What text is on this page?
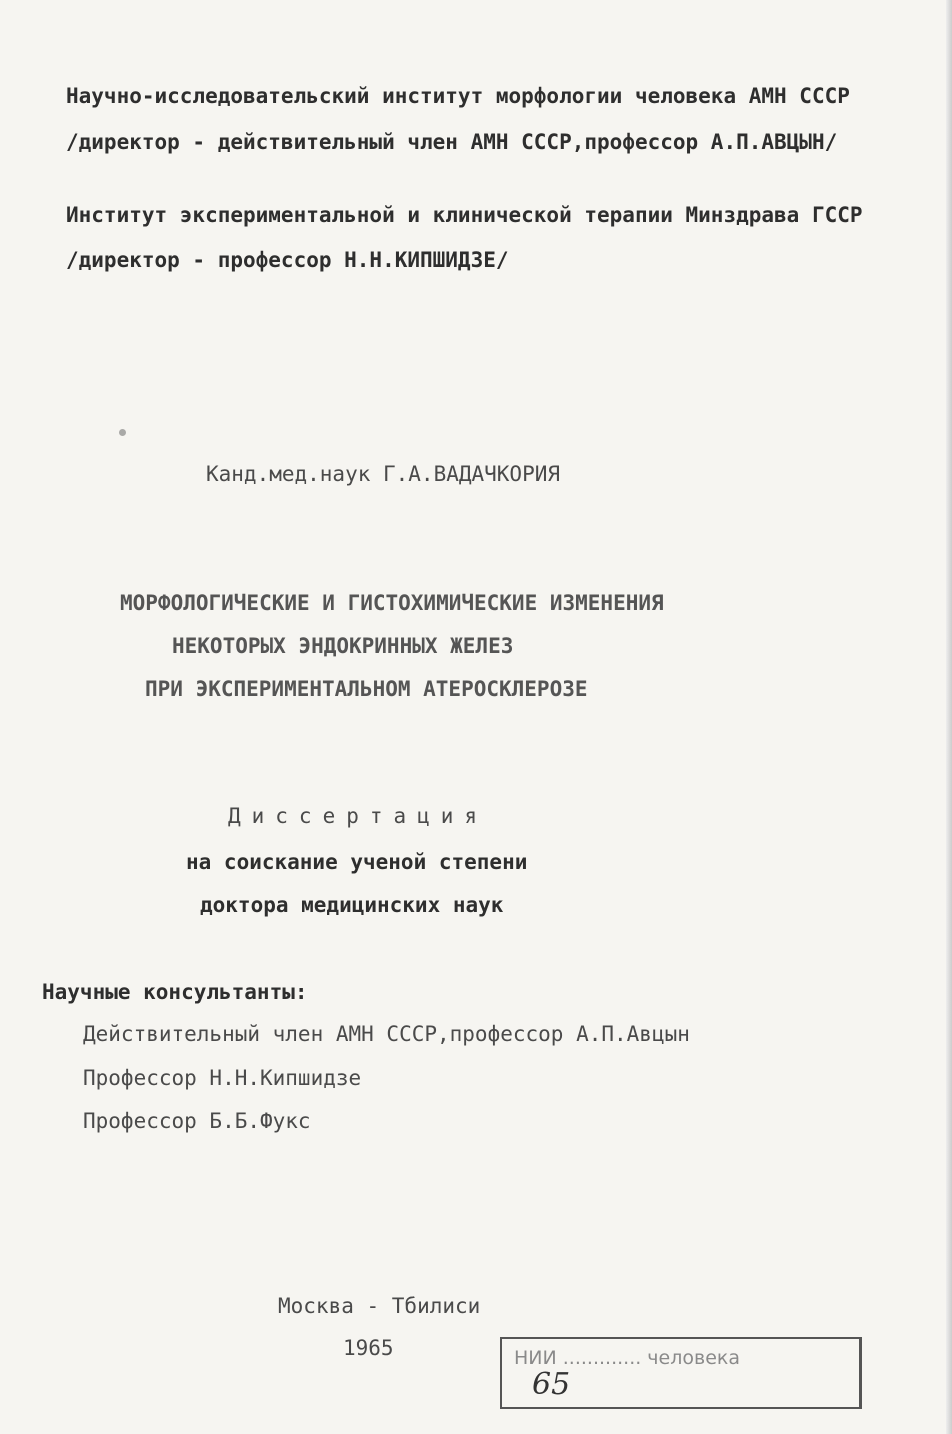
Научно-исследовательский институт морфологии человека АМН СССР
/директор - действительный член АМН СССР,профессор А.П.АВЦЫН/
Институт экспериментальной и клинической терапии Минздрава ГССР
/директор - профессор Н.Н.КИПШИДЗЕ/
Канд.мед.наук Г.А.ВАДАЧКОРИЯ
МОРФОЛОГИЧЕСКИЕ И ГИСТОХИМИЧЕСКИЕ ИЗМЕНЕНИЯ
НЕКОТОРЫХ ЭНДОКРИННЫХ ЖЕЛЕЗ
ПРИ ЭКСПЕРИМЕНТАЛЬНОМ АТЕРОСКЛЕРОЗЕ
Диссертация
на соискание ученой степени
доктора медицинских наук
Научные консультанты:
Действительный член АМН СССР,профессор А.П.Авцын
Профессор Н.Н.Кипшидзе
Профессор Б.Б.Фукс
Москва - Тбилиси
1965	НИИ ............. человека
65
